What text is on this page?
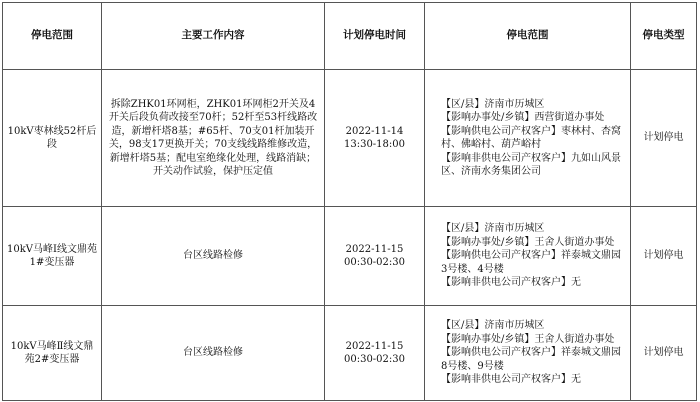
停电范围	主要工作内容	计划停电时间	停电范围	停电类型
10kV枣林线52杆后段	拆除ZHK01环网柜，ZHK01环网柜2开关及4开关后段负荷改接至70杆；52杆至53杆线路改造，新增杆塔8基；#65杆、70支01杆加装开关，98支17更换开关；70支线线路维修改造，新增杆塔5基；配电室绝缘化处理，线路消缺；开关动作试验，保护压定值	2022-11-14
13:30-18:00	【区/县】济南市历城区
【影响办事处/乡镇】西营街道办事处
【影响供电公司产权客户】枣林村、杏窝村、佛峪村、葫芦峪村
【影响非供电公司产权客户】九如山风景区、济南水务集团公司	计划停电
10kV马峰Ⅰ线文鼎苑1#变压器	台区线路检修	2022-11-15
00:30-02:30	【区/县】济南市历城区
【影响办事处/乡镇】王舍人街道办事处
【影响供电公司产权客户】祥泰城文鼎园3号楼、4号楼
【影响非供电公司产权客户】无	计划停电
10kV马峰Ⅱ线文鼎苑2#变压器	台区线路检修	2022-11-15
00:30-02:30	【区/县】济南市历城区
【影响办事处/乡镇】王舍人街道办事处
【影响供电公司产权客户】祥泰城文鼎园8号楼、9号楼
【影响非供电公司产权客户】无	计划停电
